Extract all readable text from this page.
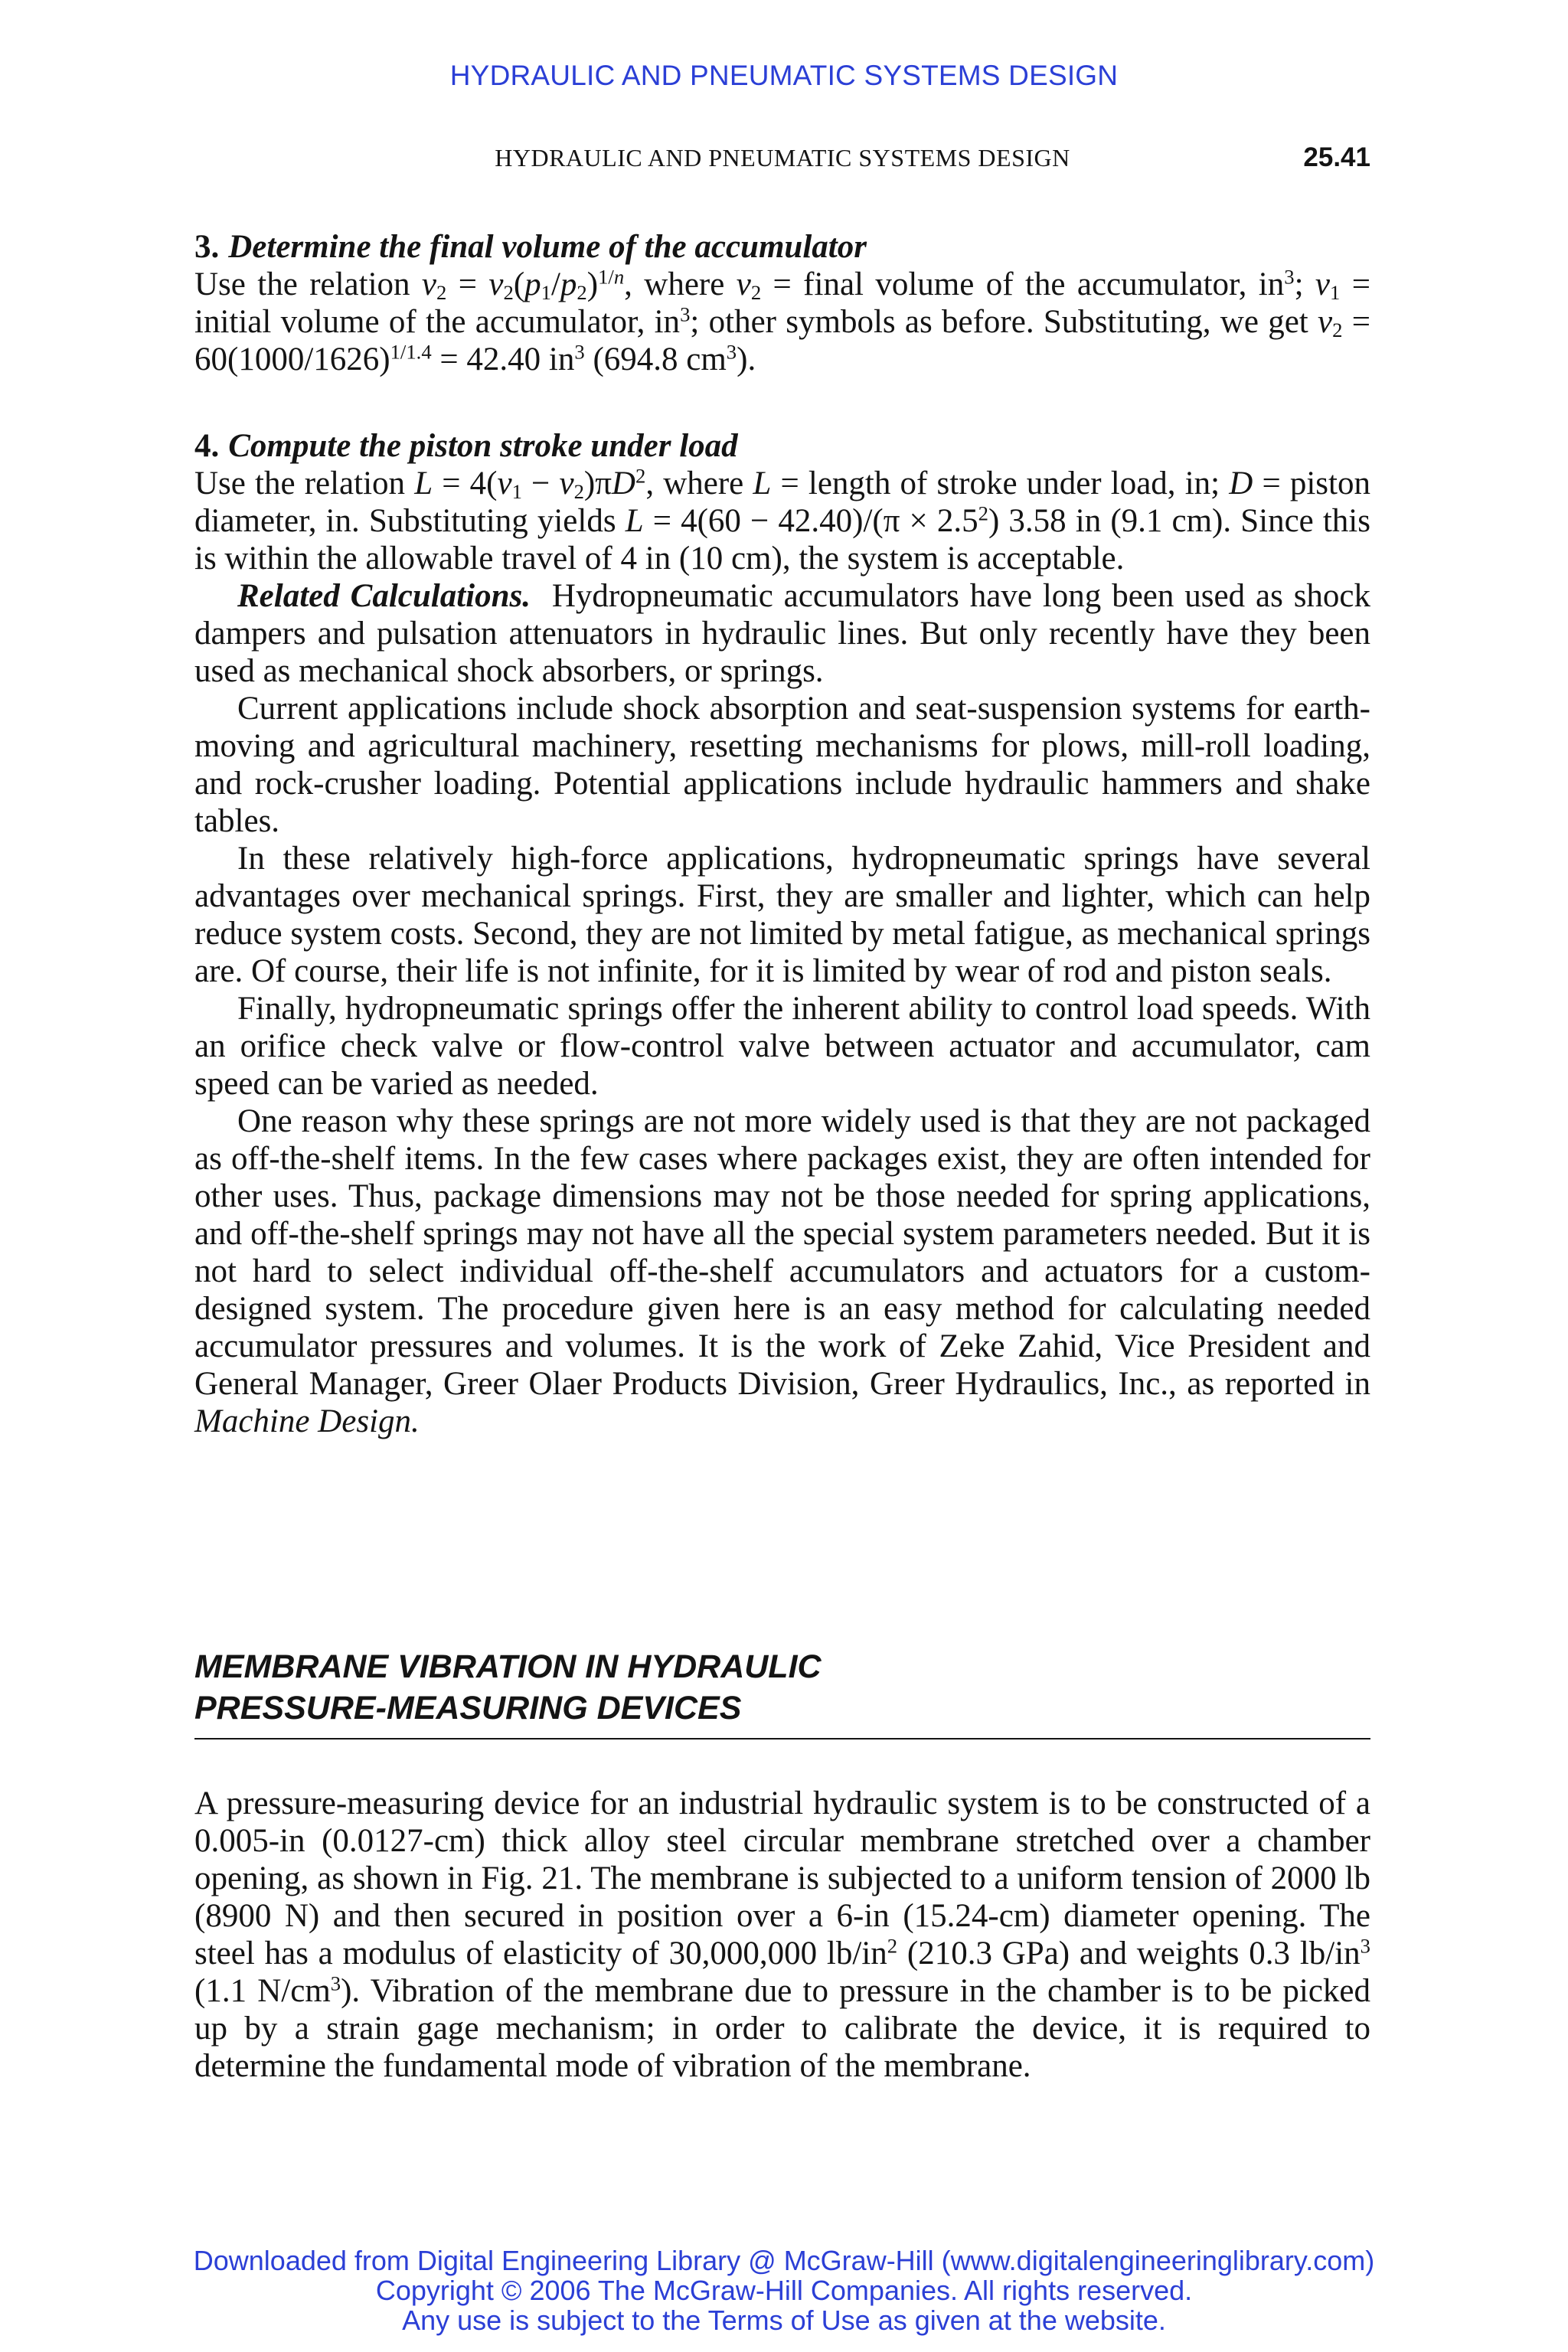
HYDRAULIC AND PNEUMATIC SYSTEMS DESIGN
HYDRAULIC AND PNEUMATIC SYSTEMS DESIGN	25.41
3. Determine the final volume of the accumulator

Use the relation $v_2 = v_2(p_1/p_2)^{1/n}$, where $v_2$ = final volume of the accumulator, $in^3$; $v_1$ = initial volume of the accumulator, $in^3$; other symbols as before. Substituting, we get $v_2 = 60(1000/1626)^{1/1.4} = 42.40$ $in^3$ (694.8 $cm^3$).

4. Compute the piston stroke under load

Use the relation $L = 4(v_1 - v_2)\pi D^2$, where L = length of stroke under load, in; D = piston diameter, in. Substituting yields $L = 4(60 - 42.40)/(\pi \times 2.5^2)$ 3.58 in (9.1 cm). Since this is within the allowable travel of 4 in (10 cm), the system is acceptable.

Related Calculations. Hydropneumatic accumulators have long been used as shock dampers and pulsation attenuators in hydraulic lines. But only recently have they been used as mechanical shock absorbers, or springs.

Current applications include shock absorption and seat-suspension systems for earth-moving and agricultural machinery, resetting mechanisms for plows, mill-roll loading, and rock-crusher loading. Potential applications include hydraulic hammers and shake tables.

In these relatively high-force applications, hydropneumatic springs have several advantages over mechanical springs. First, they are smaller and lighter, which can help reduce system costs. Second, they are not limited by metal fatigue, as mechanical springs are. Of course, their life is not infinite, for it is limited by wear of rod and piston seals.

Finally, hydropneumatic springs offer the inherent ability to control load speeds. With an orifice check valve or flow-control valve between actuator and accumulator, cam speed can be varied as needed.

One reason why these springs are not more widely used is that they are not packaged as off-the-shelf items. In the few cases where packages exist, they are often intended for other uses. Thus, package dimensions may not be those needed for spring applications, and off-the-shelf springs may not have all the special system parameters needed. But it is not hard to select individual off-the-shelf accumulators and actuators for a custom-designed system. The procedure given here is an easy method for calculating needed accumulator pressures and volumes. It is the work of Zeke Zahid, Vice President and General Manager, Greer Olaer Products Division, Greer Hydraulics, Inc., as reported in Machine Design.

MEMBRANE VIBRATION IN HYDRAULIC
PRESSURE-MEASURING DEVICES

A pressure-measuring device for an industrial hydraulic system is to be constructed of a 0.005-in (0.0127-cm) thick alloy steel circular membrane stretched over a chamber opening, as shown in Fig. 21. The membrane is subjected to a uniform tension of 2000 lb (8900 N) and then secured in position over a 6-in (15.24-cm) diameter opening. The steel has a modulus of elasticity of 30,000,000 $lb/in^2$ (210.3 GPa) and weights 0.3 $lb/in^3$ (1.1 $N/cm^3$). Vibration of the membrane due to pressure in the chamber is to be picked up by a strain gage mechanism; in order to calibrate the device, it is required to determine the fundamental mode of vibration of the membrane.

Downloaded from Digital Engineering Library @ McGraw-Hill (www.digitalengineeringlibrary.com)
Copyright © 2006 The McGraw-Hill Companies. All rights reserved.
Any use is subject to the Terms of Use as given at the website.
